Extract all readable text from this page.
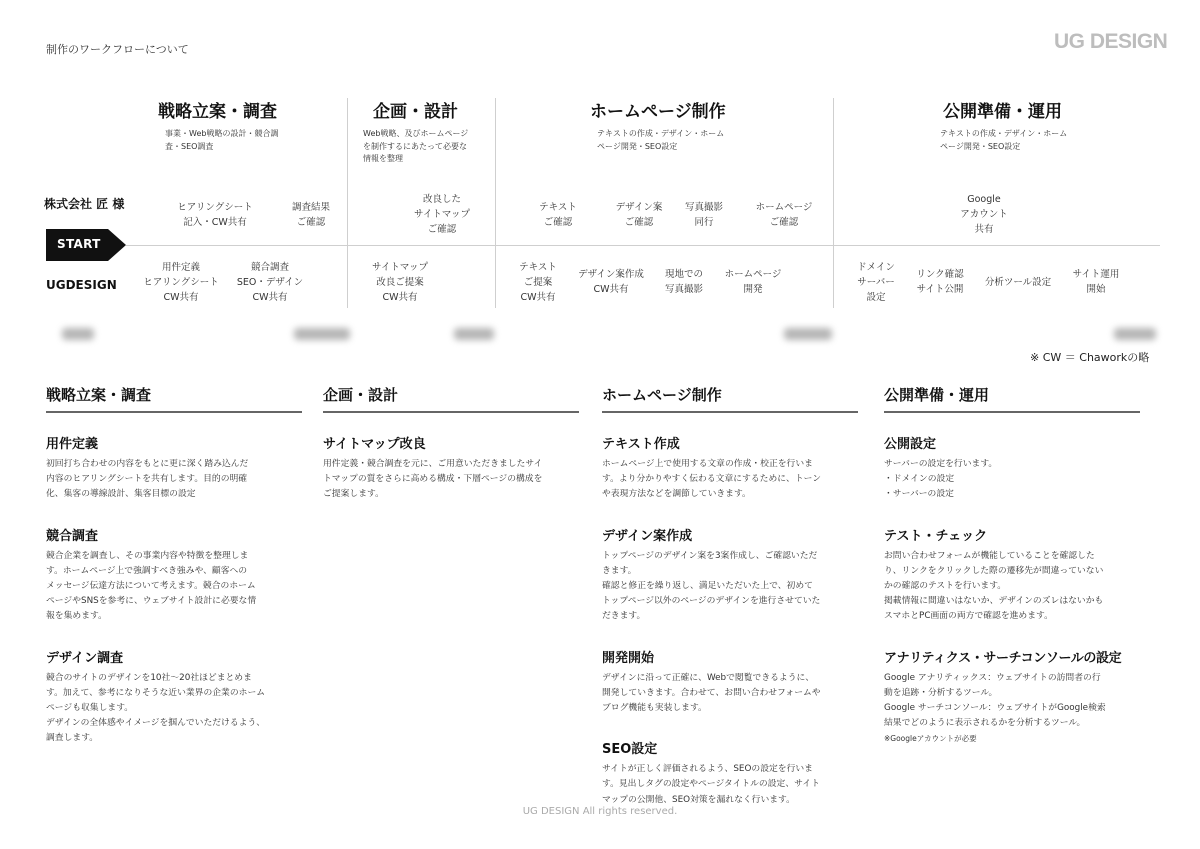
制作のワークフローについて	UG DESIGN
戦略立案・調査
事業・Web戦略の設計・競合調
査・SEO調査
企画・設計
Web戦略、及びホームページ
を制作するにあたって必要な
情報を整理
ホームページ制作
テキストの作成・デザイン・ホーム
ページ開発・SEO設定
公開準備・運用
テキストの作成・デザイン・ホーム
ページ開発・SEO設定
株式会社 匠 様
START
UGDESIGN
ヒアリングシート
記入・CW共有
調査結果
ご確認
改良した
サイトマップ
ご確認
テキスト
ご確認
デザイン案
ご確認
写真撮影
同行
ホームページ
ご確認
Google
アカウント
共有
用件定義
ヒアリングシート
CW共有
競合調査
SEO・デザイン
CW共有
サイトマップ
改良ご提案
CW共有
テキスト
ご提案
CW共有
デザイン案作成
CW共有
現地での
写真撮影
ホームページ
開発
ドメイン
サーバー
設定
リンク確認
サイト公開
分析ツール設定
サイト運用
開始
※ CW ＝ Chaworkの略
戦略立案・調査
用件定義
初回打ち合わせの内容をもとに更に深く踏み込んだ
内容のヒアリングシートを共有します。目的の明確
化、集客の導線設計、集客目標の設定
競合調査
競合企業を調査し、その事業内容や特徴を整理しま
す。ホームページ上で強調すべき強みや、顧客への
メッセージ伝達方法について考えます。競合のホーム
ページやSNSを参考に、ウェブサイト設計に必要な情
報を集めます。
デザイン調査
競合のサイトのデザインを10社〜20社ほどまとめま
す。加えて、参考になりそうな近い業界の企業のホーム
ページも収集します。
デザインの全体感やイメージを掴んでいただけるよう、
調査します。
企画・設計
サイトマップ改良
用件定義・競合調査を元に、ご用意いただきましたサイ
トマップの質をさらに高める構成・下層ページの構成を
ご提案します。
ホームページ制作
テキスト作成
ホームページ上で使用する文章の作成・校正を行いま
す。より分かりやすく伝わる文章にするために、トーン
や表現方法などを調節していきます。
デザイン案作成
トップページのデザイン案を3案作成し、ご確認いただ
きます。
確認と修正を繰り返し、満足いただいた上で、初めて
トップページ以外のページのデザインを進行させていた
だきます。
開発開始
デザインに沿って正確に、Webで閲覧できるように、
開発していきます。合わせて、お問い合わせフォームや
ブログ機能も実装します。
SEO設定
サイトが正しく評価されるよう、SEOの設定を行いま
す。見出しタグの設定やページタイトルの設定、サイト
マップの公開他、SEO対策を漏れなく行います。
公開準備・運用
公開設定
サーバーの設定を行います。
・ドメインの設定
・サーバーの設定
テスト・チェック
お問い合わせフォームが機能していることを確認した
り、リンクをクリックした際の遷移先が間違っていない
かの確認のテストを行います。
掲載情報に間違いはないか、デザインのズレはないかも
スマホとPC画面の両方で確認を進めます。
アナリティクス・サーチコンソールの設定
Google アナリティックス：ウェブサイトの訪問者の行
動を追跡・分析するツール。
Google サーチコンソール：ウェブサイトがGoogle検索
結果でどのように表示されるかを分析するツール。
※Googleアカウントが必要
UG DESIGN All rights reserved.
